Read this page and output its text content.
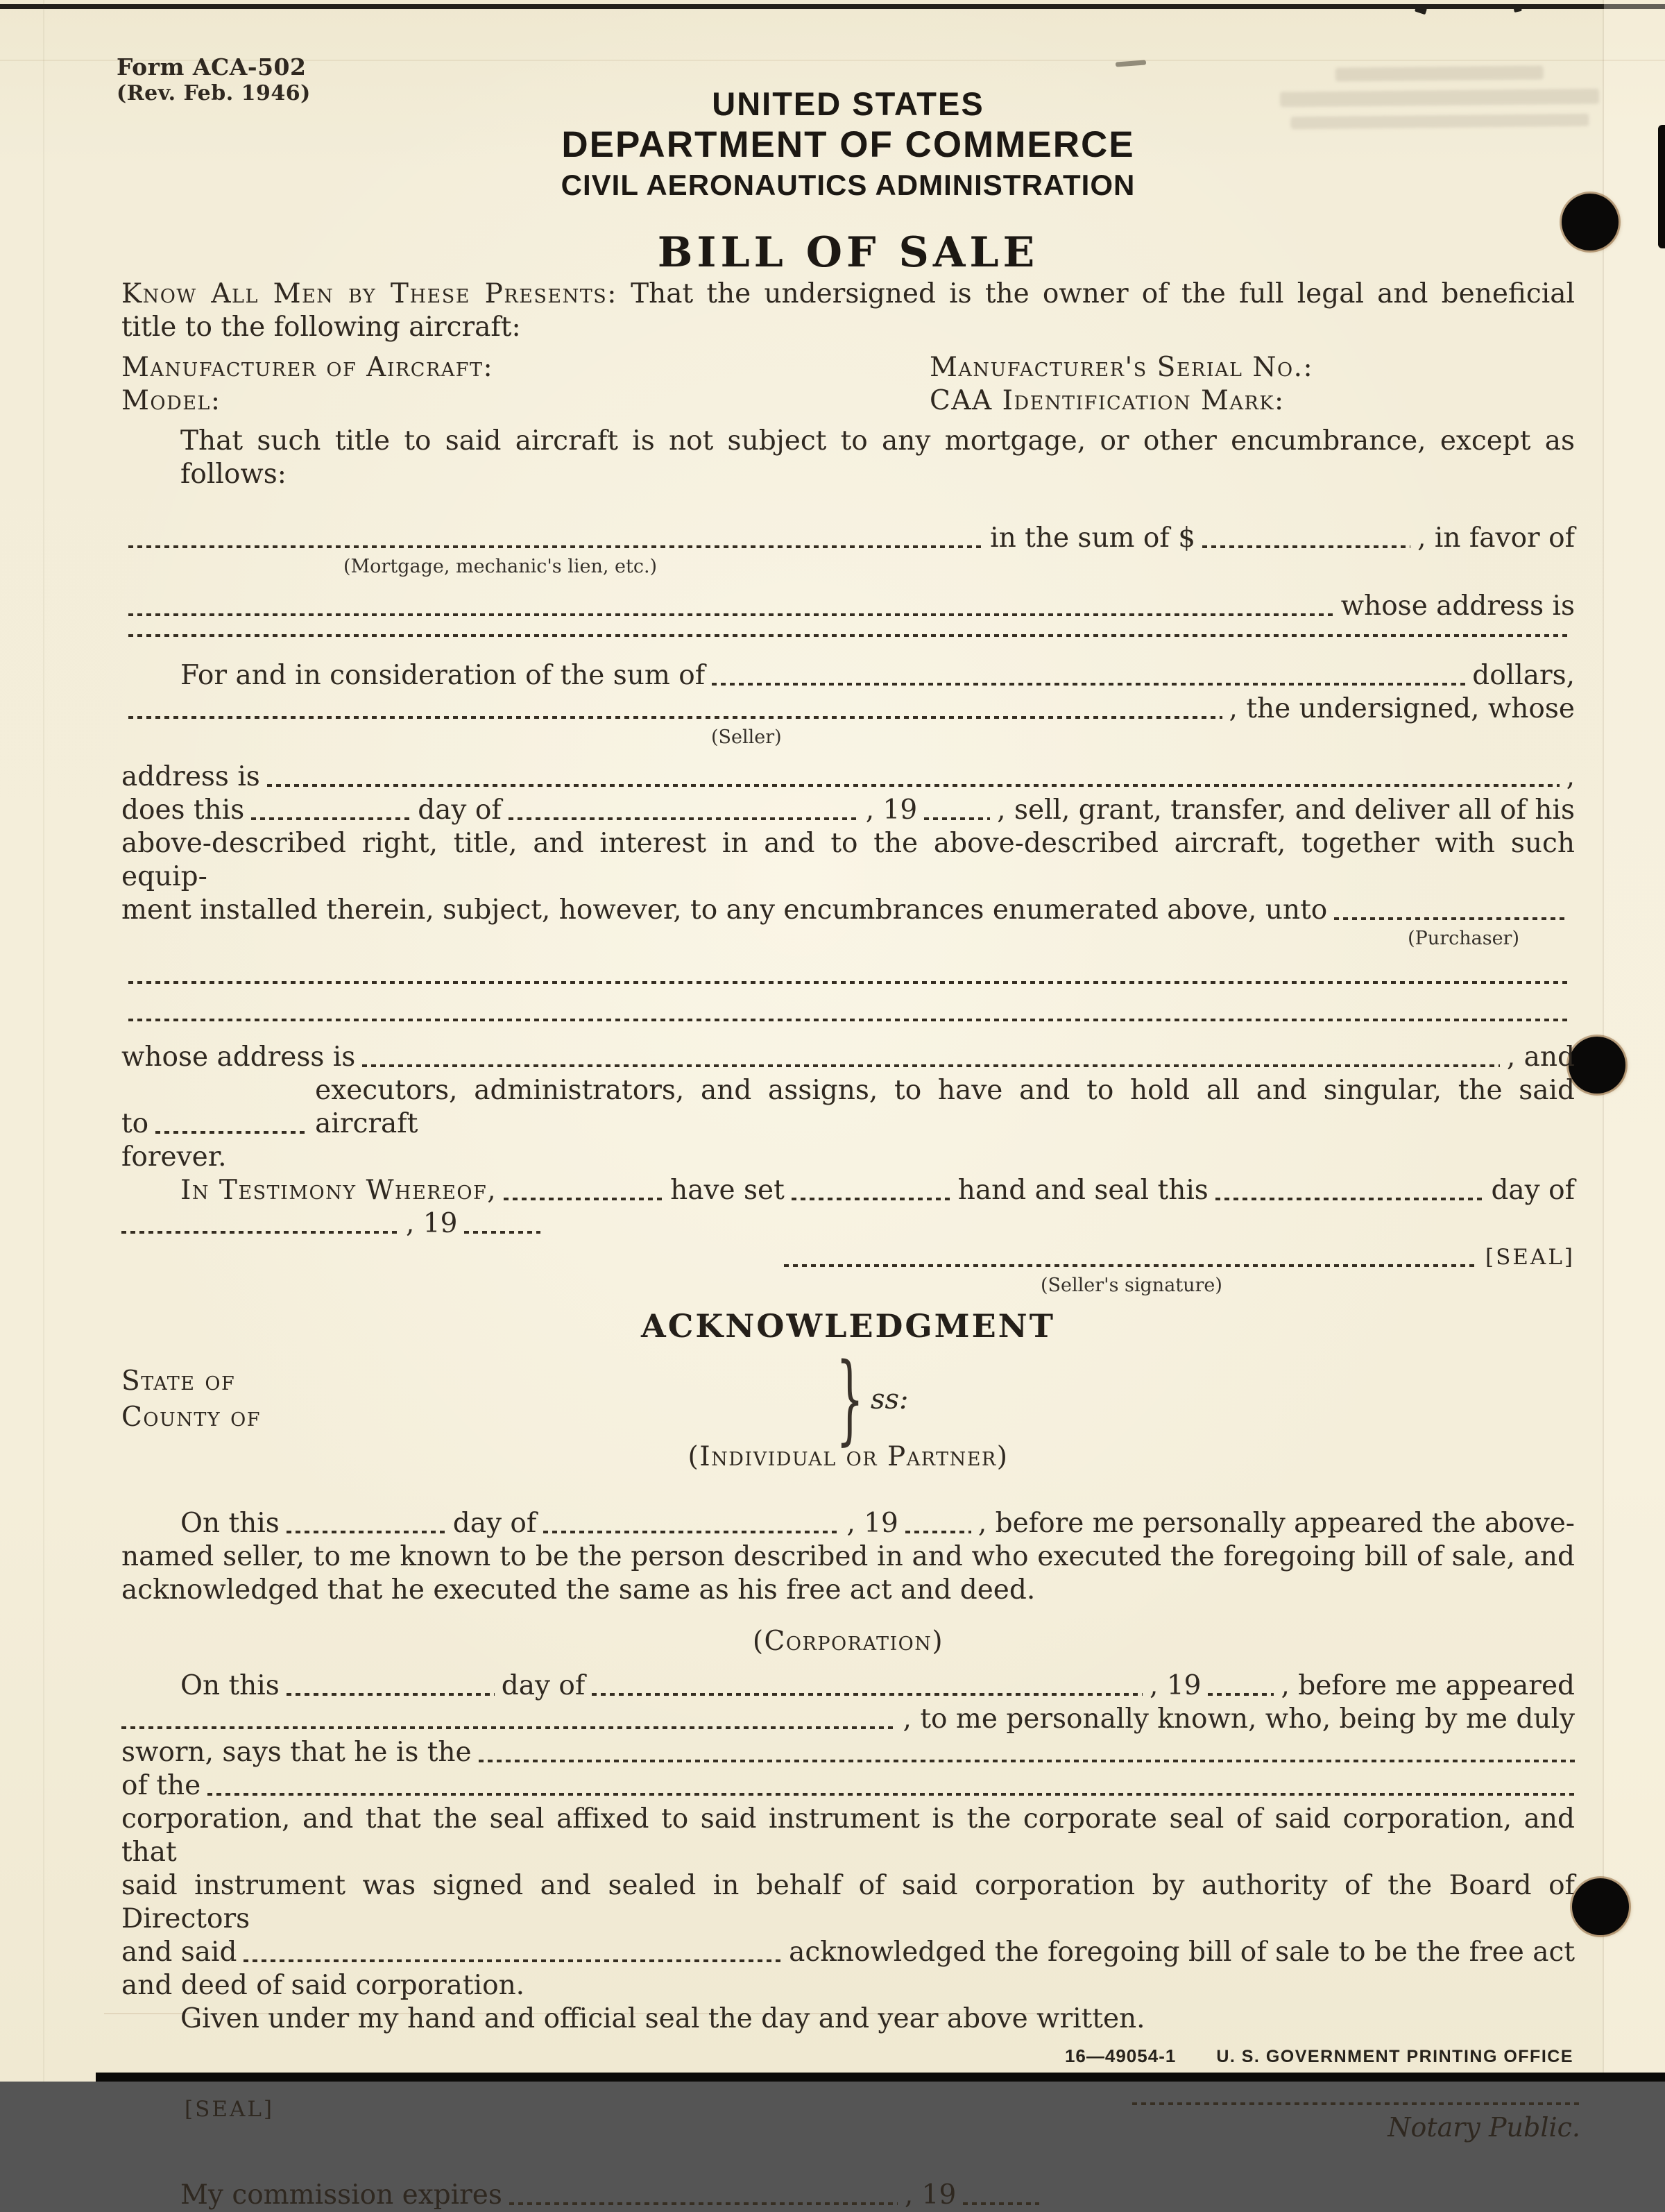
Form ACA-502
(Rev. Feb. 1946)	UNITED STATES
DEPARTMENT OF COMMERCE
CIVIL AERONAUTICS ADMINISTRATION
BILL OF SALE
Know All Men by These Presents: That the undersigned is the owner of the full legal and beneficial
title to the following aircraft:
Manufacturer of Aircraft:	Manufacturer's Serial No.:
Model:	CAA Identification Mark:
That such title to said aircraft is not subject to any mortgage, or other encumbrance, except as follows:
in the sum of $	, in favor of
(Mortgage, mechanic's lien, etc.)
whose address is
For and in consideration of the sum of	dollars,
, the undersigned, whose
(Seller)
address is	,
does this	day of	, 19	, sell, grant, transfer, and deliver all of his
above-described right, title, and interest in and to the above-described aircraft, together with such equip-
ment installed therein, subject, however, to any encumbrances enumerated above, unto
(Purchaser)
whose address is	, and
to
executors, administrators, and assigns, to have and to hold all and singular, the said aircraft
forever.
In Testimony Whereof,	have set	hand and seal this	day of
, 19
[SEAL]
(Seller's signature)
ACKNOWLEDGMENT
State of
County of	} ss:
(Individual or Partner)
On this	day of	, 19	, before me personally appeared the above-
named seller, to me known to be the person described in and who executed the foregoing bill of sale, and
acknowledged that he executed the same as his free act and deed.
(Corporation)
On this	day of	, 19	, before me appeared
, to me personally known, who, being by me duly
sworn, says that he is the
of the
corporation, and that the seal affixed to said instrument is the corporate seal of said corporation, and that
said instrument was signed and sealed in behalf of said corporation by authority of the Board of Directors
and said	acknowledged the foregoing bill of sale to be the free act
and deed of said corporation.
Given under my hand and official seal the day and year above written.
[SEAL]
Notary Public.
My commission expires	, 19
16—49054-1 U. S. GOVERNMENT PRINTING OFFICE
